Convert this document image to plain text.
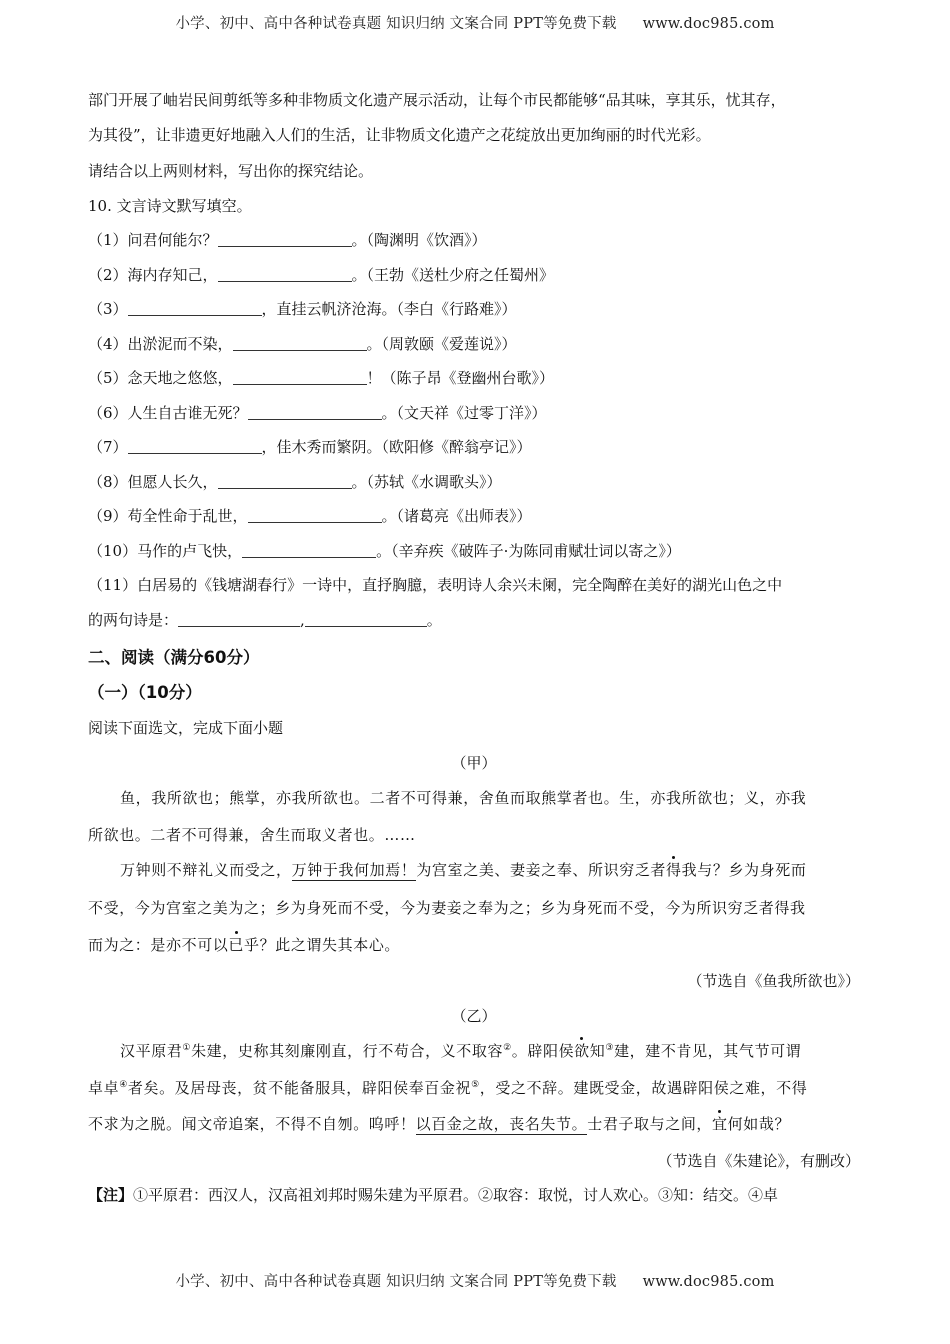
小学、初中、高中各种试卷真题 知识归纳 文案合同 PPT等免费下载 www.doc985.com
部门开展了岫岩民间剪纸等多种非物质文化遗产展示活动，让每个市民都能够“品其味，享其乐，忧其存，
为其役”，让非遗更好地融入人们的生活，让非物质文化遗产之花绽放出更加绚丽的时代光彩。
请结合以上两则材料，写出你的探究结论。
10. 文言诗文默写填空。
（1）问君何能尔？	。（陶渊明《饮酒》）
（2）海内存知己，	。（王勃《送杜少府之任蜀州》
（3）	，直挂云帆济沧海。（李白《行路难》）
（4）出淤泥而不染，	。（周敦颐《爱莲说》）
（5）念天地之悠悠，	！（陈子昂《登幽州台歌》）
（6）人生自古谁无死？	。（文天祥《过零丁洋》）
（7）	，佳木秀而繁阴。（欧阳修《醉翁亭记》）
（8）但愿人长久，	。（苏轼《水调歌头》）
（9）苟全性命于乱世，	。（诸葛亮《出师表》）
（10）马作的卢飞快，	。（辛弃疾《破阵子·为陈同甫赋壮词以寄之》）
（11）白居易的《钱塘湖春行》一诗中，直抒胸臆，表明诗人余兴未阑，完全陶醉在美好的湖光山色之中
的两句诗是：	,	。
二、阅读（满分60分）
（一）（10分）
阅读下面选文，完成下面小题
（甲）
鱼，我所欲也；熊掌，亦我所欲也。二者不可得兼，舍鱼而取熊掌者也。生，亦我所欲也；义，亦我
所欲也。二者不可得兼，舍生而取义者也。……
万钟则不辩礼义而受之，万钟于我何加焉！为宫室之美、妻妾之奉、所识穷乏者得我与？乡为身死而
不受，今为宫室之美为之；乡为身死而不受，今为妻妾之奉为之；乡为身死而不受，今为所识穷乏者得我
而为之：是亦不可以已乎？此之谓失其本心。
（节选自《鱼我所欲也》）
（乙）
汉平原君①朱建，史称其刻廉刚直，行不苟合，义不取容②。辟阳侯欲知③建，建不肯见，其气节可谓
卓卓④者矣。及居母丧，贫不能备服具，辟阳侯奉百金祝⑤，受之不辞。建既受金，故遇辟阳侯之难，不得
不求为之脱。闻文帝追案，不得不自刎。呜呼！以百金之故，丧名失节。士君子取与之间，宜何如哉？
（节选自《朱建论》，有删改）
【注】①平原君：西汉人，汉高祖刘邦时赐朱建为平原君。②取容：取悦，讨人欢心。③知：结交。④卓
小学、初中、高中各种试卷真题 知识归纳 文案合同 PPT等免费下载 www.doc985.com
